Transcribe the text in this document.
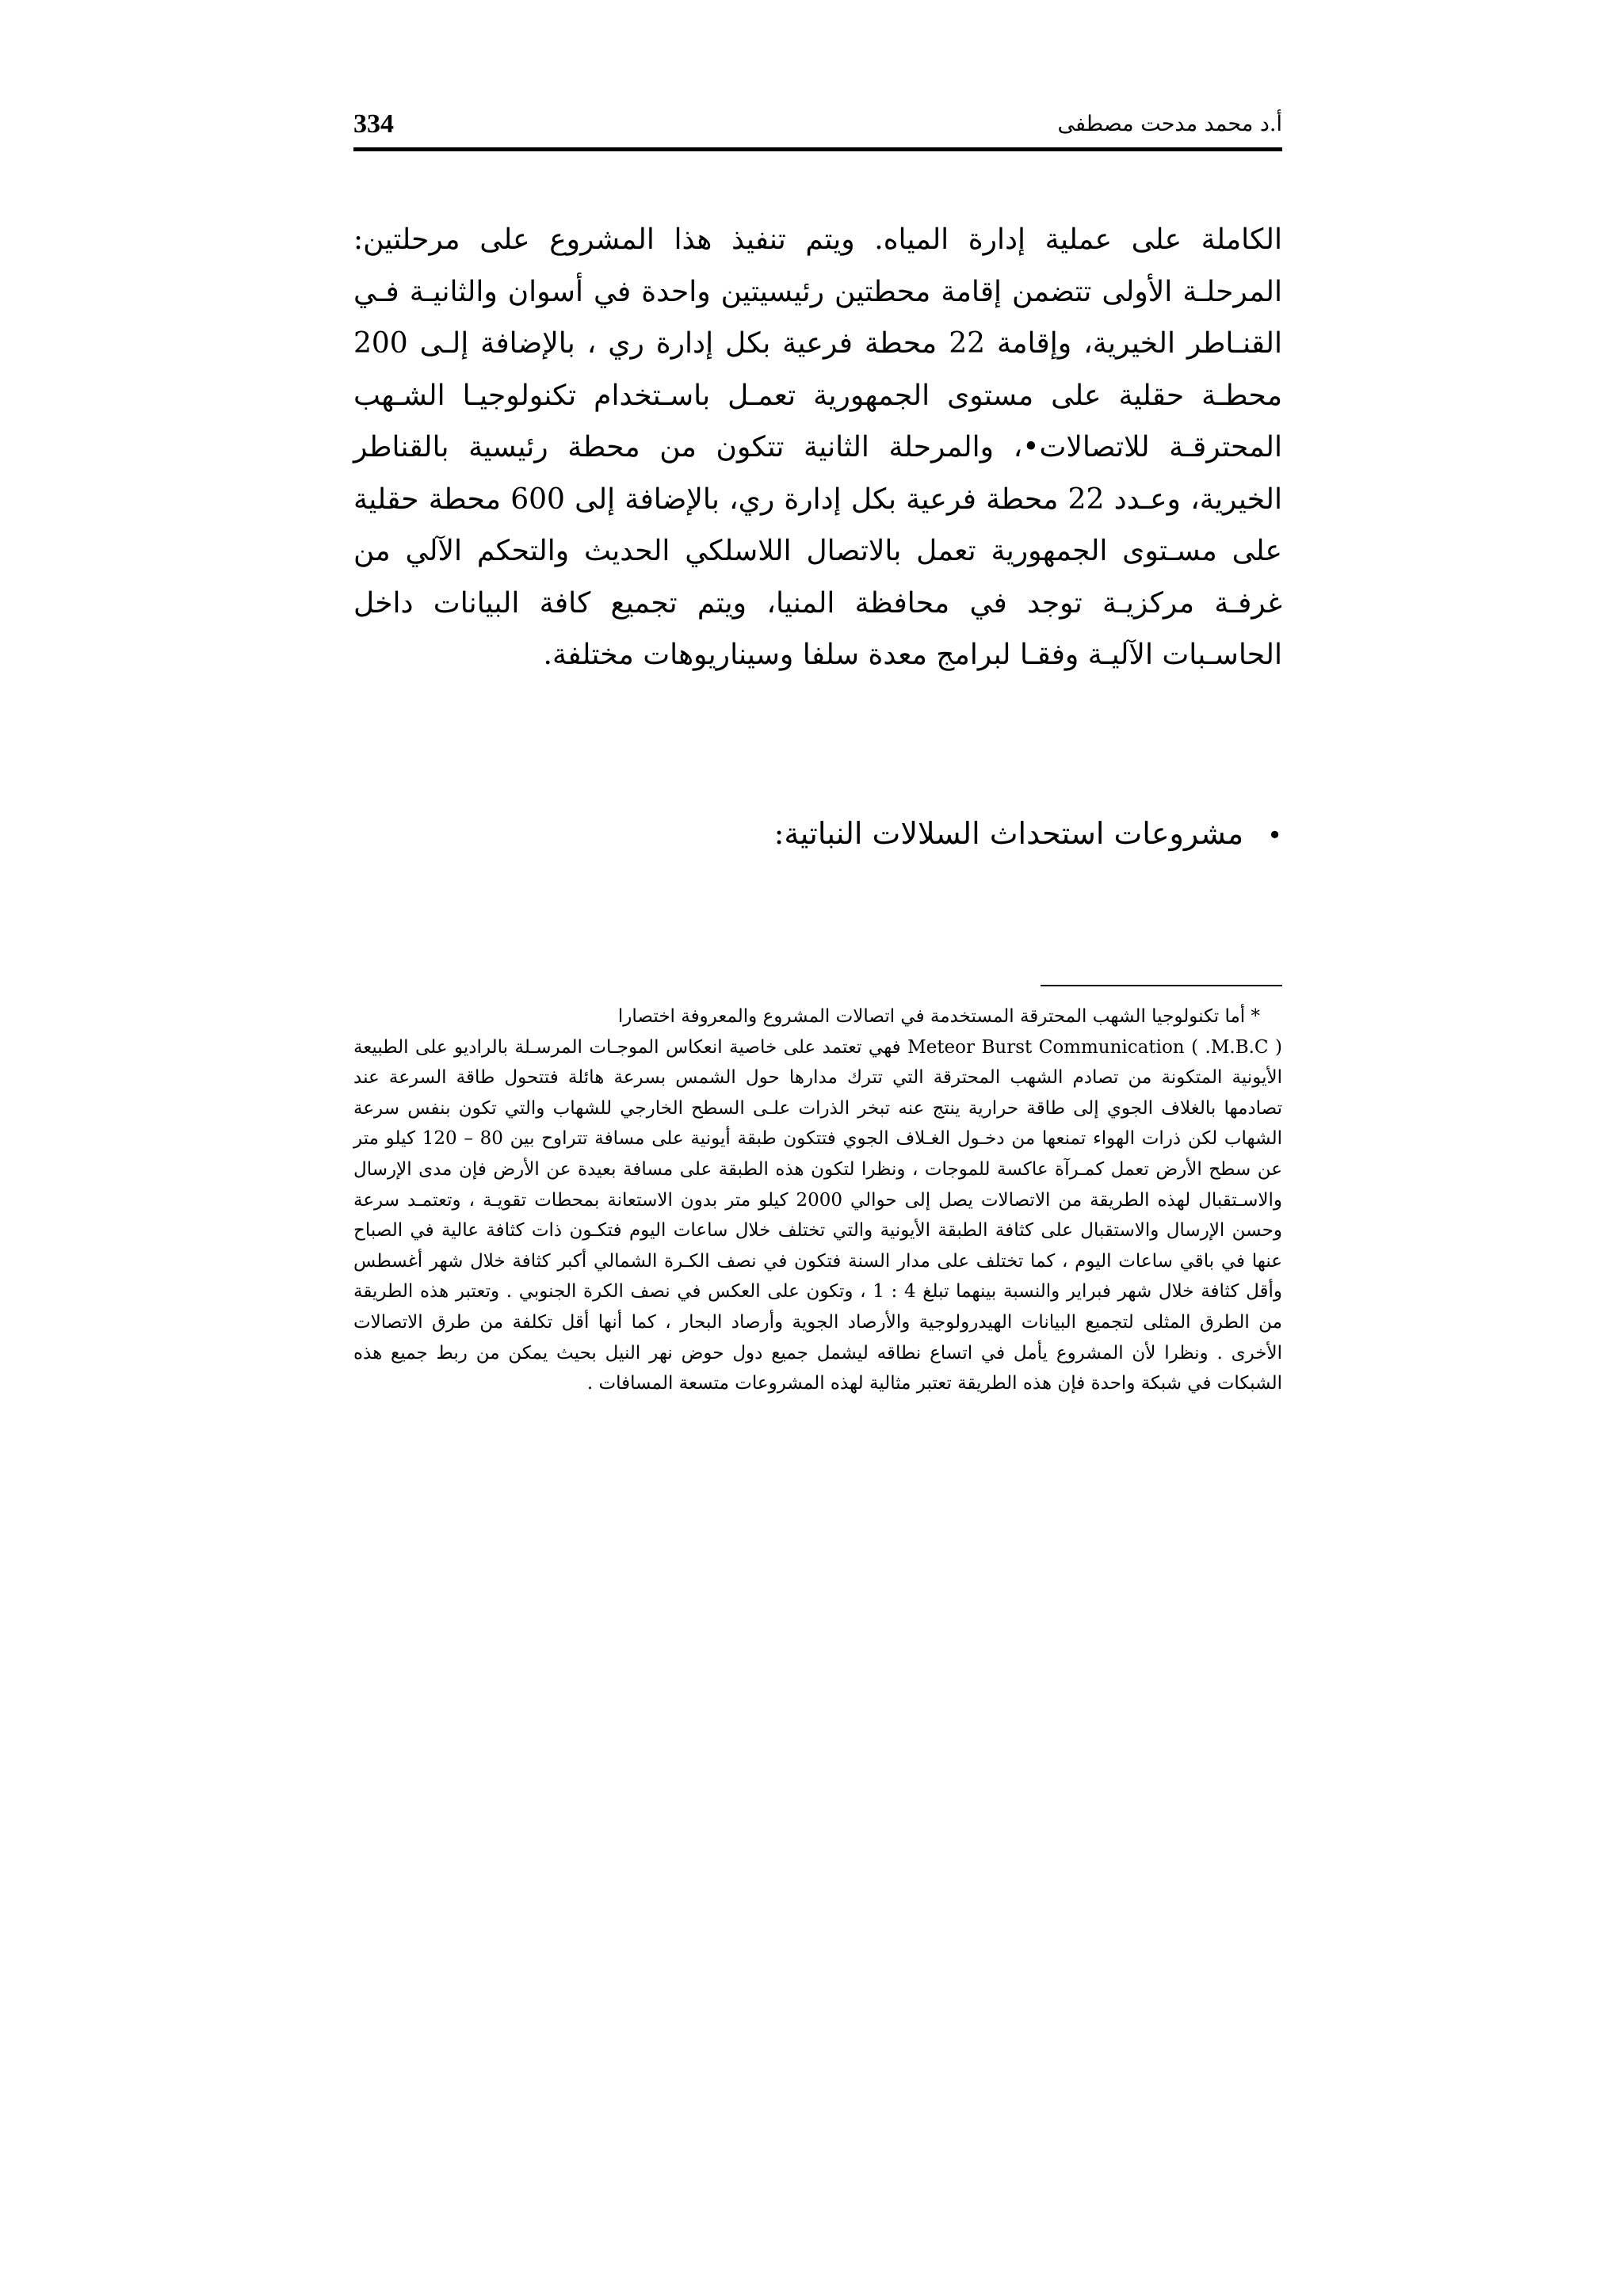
334	أ.د محمد مدحت مصطفى

الكاملة على عملية إدارة المياه. ويتم تنفيذ هذا المشروع على مرحلتين: المرحلـة الأولى تتضمن إقامة محطتين رئيسيتين واحدة في أسوان والثانيـة فـي القنـاطر الخيرية، وإقامة 22 محطة فرعية بكل إدارة ري ، بالإضافة إلـى 200 محطـة حقلية على مستوى الجمهورية تعمـل باسـتخدام تكنولوجيـا الشـهب المحترقـة للاتصالات•، والمرحلة الثانية تتكون من محطة رئيسية بالقناطر الخيرية، وعـدد 22 محطة فرعية بكل إدارة ري، بالإضافة إلى 600 محطة حقلية على مسـتوى الجمهورية تعمل بالاتصال اللاسلكي الحديث والتحكم الآلي من غرفـة مركزيـة توجد في محافظة المنيا، ويتم تجميع كافة البيانات داخل الحاسـبات الآليـة وفقـا لبرامج معدة سلفا وسيناريوهات مختلفة.

•مشروعات استحداث السلالات النباتية:

* أما تكنولوجيا الشهب المحترقة المستخدمة في اتصالات المشروع والمعروفة اختصارا
( M.B.C. ) Meteor Burst Communication فهي تعتمد على خاصية انعكاس الموجـات المرسـلة بالراديو على الطبيعة الأيونية المتكونة من تصادم الشهب المحترقة التي تترك مدارها حول الشمس بسرعة هائلة فتتحول طاقة السرعة عند تصادمها بالغلاف الجوي إلى طاقة حرارية ينتج عنه تبخر الذرات علـى السطح الخارجي للشهاب والتي تكون بنفس سرعة الشهاب لكن ذرات الهواء تمنعها من دخـول الغـلاف الجوي فتتكون طبقة أيونية على مسافة تتراوح بين 80 – 120 كيلو متر عن سطح الأرض تعمل كمـرآة عاكسة للموجات ، ونظرا لتكون هذه الطبقة على مسافة بعيدة عن الأرض فإن مدى الإرسال والاسـتقبال لهذه الطريقة من الاتصالات يصل إلى حوالي 2000 كيلو متر بدون الاستعانة بمحطات تقويـة ، وتعتمـد سرعة وحسن الإرسال والاستقبال على كثافة الطبقة الأيونية والتي تختلف خلال ساعات اليوم فتكـون ذات كثافة عالية في الصباح عنها في باقي ساعات اليوم ، كما تختلف على مدار السنة فتكون في نصف الكـرة الشمالي أكبر كثافة خلال شهر أغسطس وأقل كثافة خلال شهر فبراير والنسبة بينهما تبلغ 4 : 1 ، وتكون على العكس في نصف الكرة الجنوبي . وتعتبر هذه الطريقة من الطرق المثلى لتجميع البيانات الهيدرولوجية والأرصاد الجوية وأرصاد البحار ، كما أنها أقل تكلفة من طرق الاتصالات الأخرى . ونظرا لأن المشروع يأمل في اتساع نطاقه ليشمل جميع دول حوض نهر النيل بحيث يمكن من ربط جميع هذه الشبكات في شبكة واحدة فإن هذه الطريقة تعتبر مثالية لهذه المشروعات متسعة المسافات .
